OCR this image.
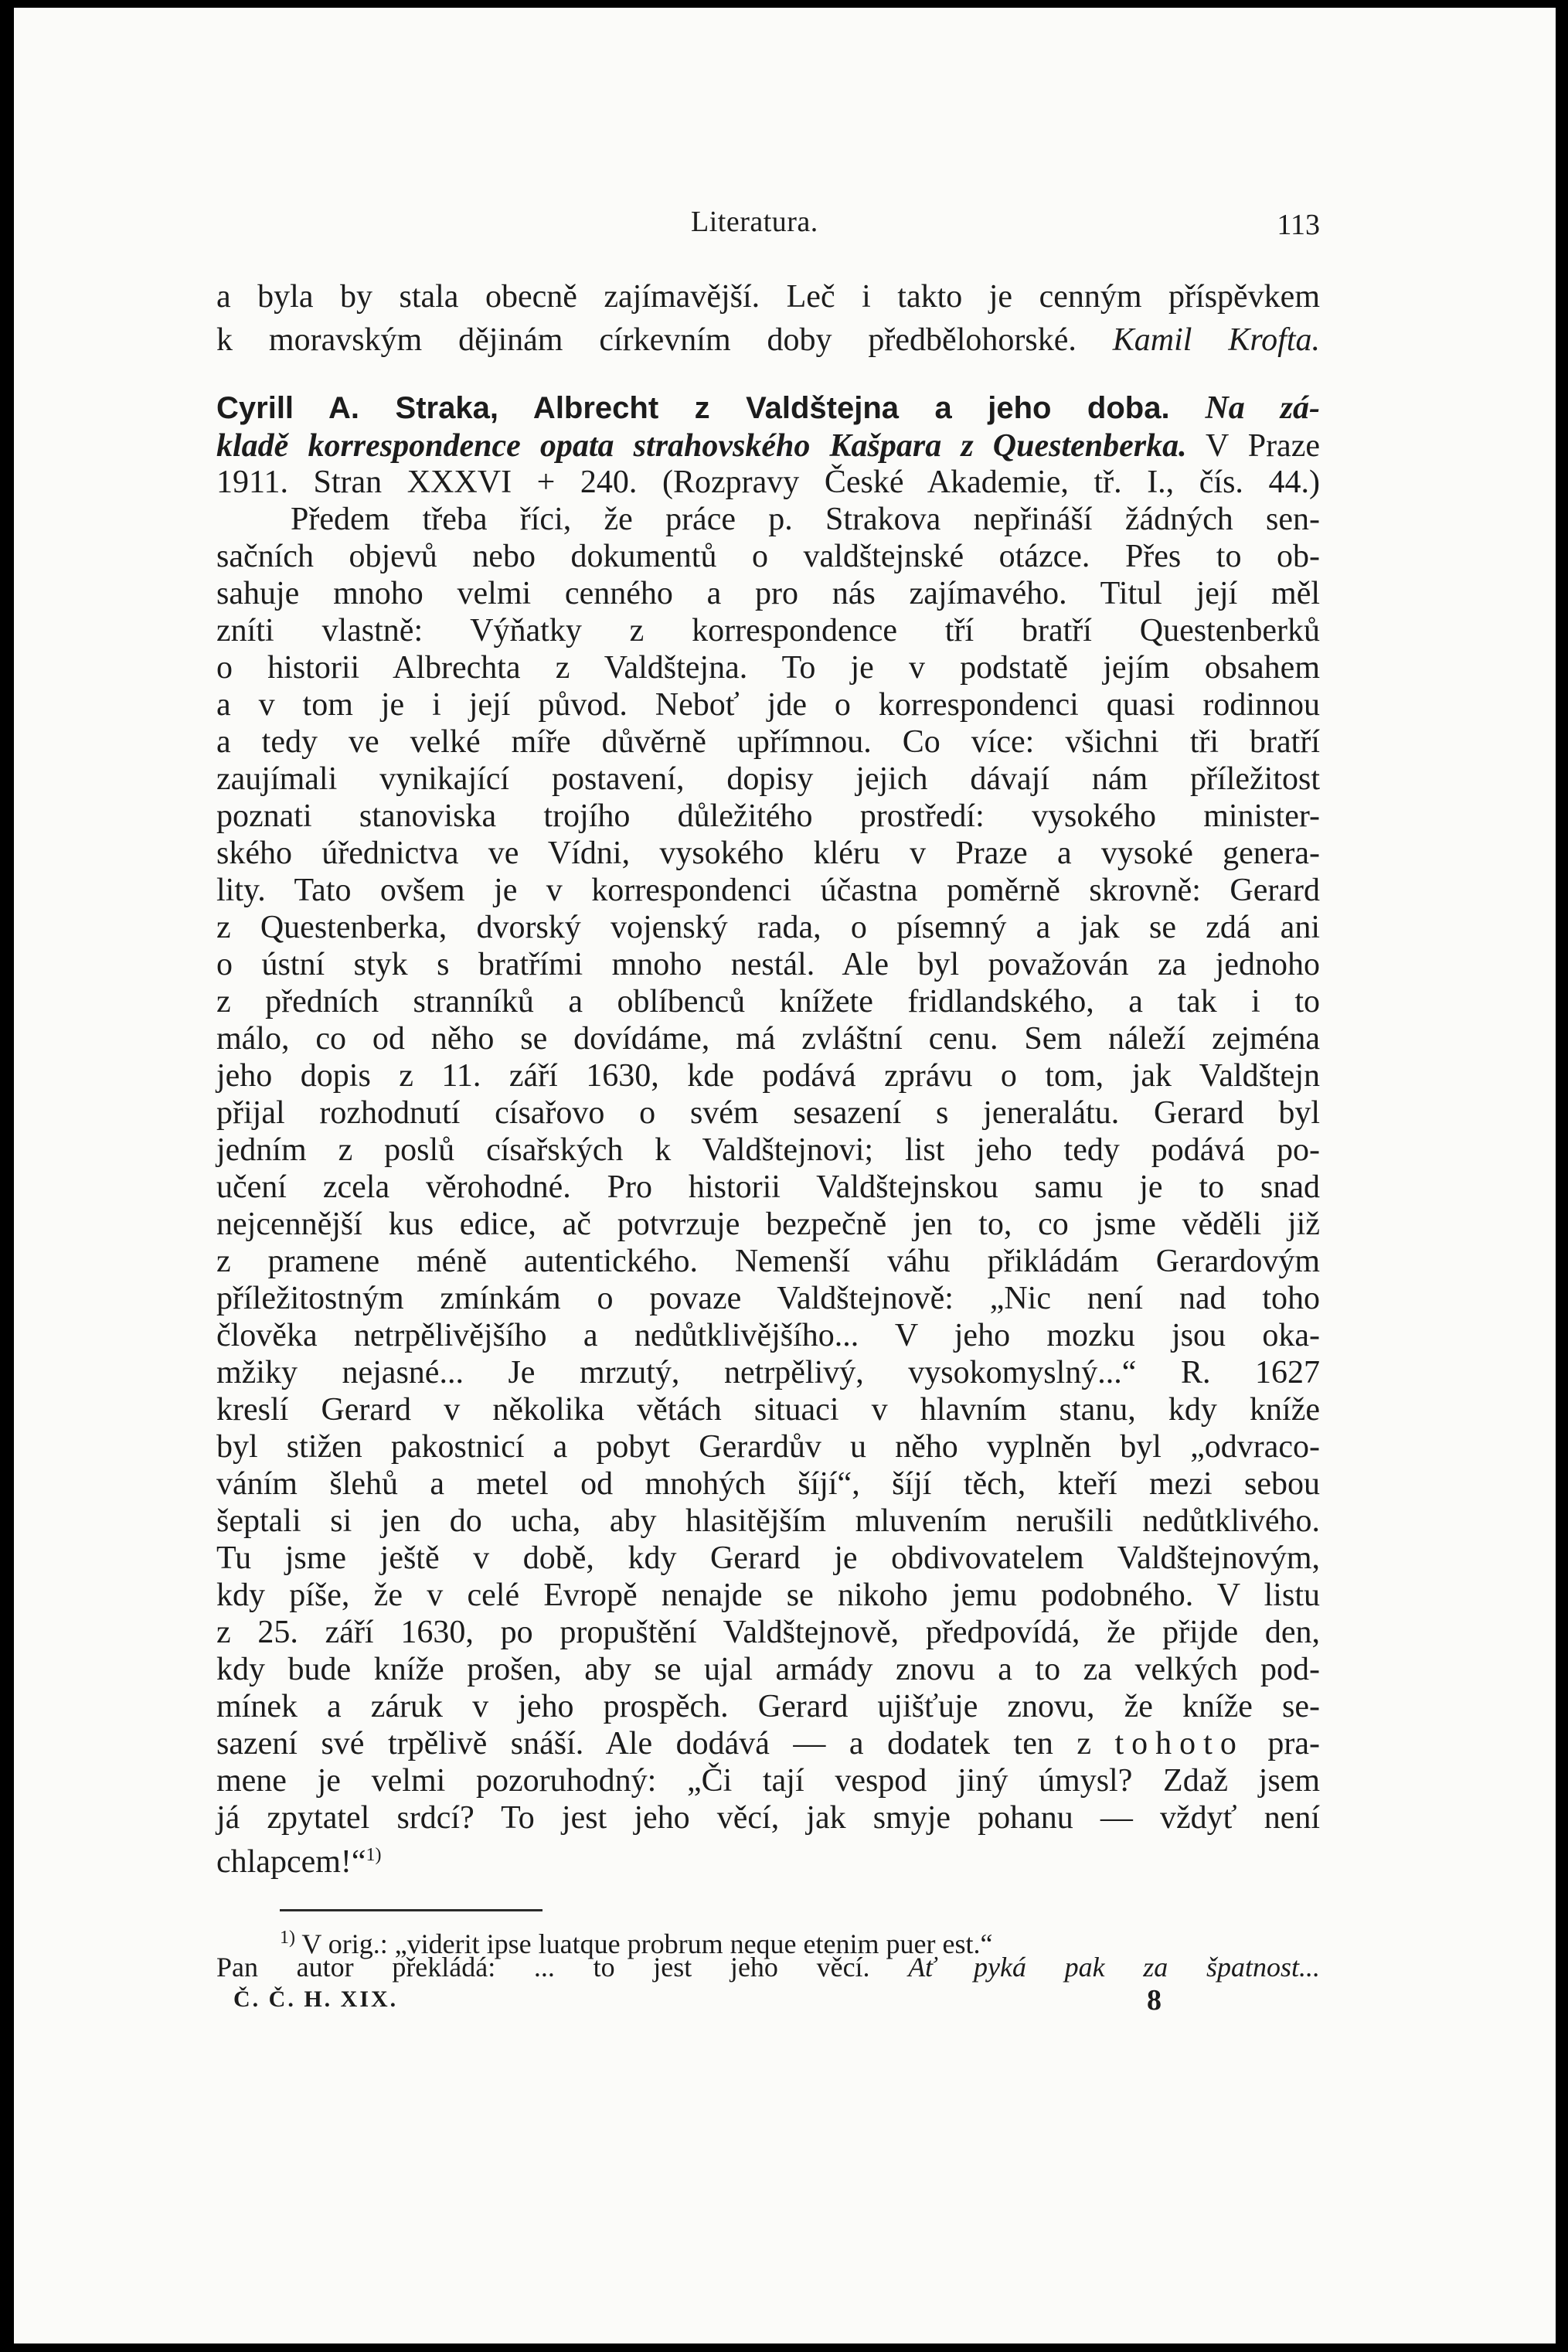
Literatura.	113
a byla by stala obecně zajímavější. Leč i takto je cenným příspěvkem
k moravským dějinám církevním doby předbělohorské. Kamil Krofta.
Cyrill A. Straka, Albrecht z Valdštejna a jeho doba. Na zá-
kladě korrespondence opata strahovského Kašpara z Questenberka. V Praze
1911. Stran XXXVI + 240. (Rozpravy České Akademie, tř. I., čís. 44.)
Předem třeba říci, že práce p. Strakova nepřináší žádných sen-
sačních objevů nebo dokumentů o valdštejnské otázce. Přes to ob-
sahuje mnoho velmi cenného a pro nás zajímavého. Titul její měl
zníti vlastně: Výňatky z korrespondence tří bratří Questenberků
o historii Albrechta z Valdštejna. To je v podstatě jejím obsahem
a v tom je i její původ. Neboť jde o korrespondenci quasi rodinnou
a tedy ve velké míře důvěrně upřímnou. Co více: všichni tři bratří
zaujímali vynikající postavení, dopisy jejich dávají nám příležitost
poznati stanoviska trojího důležitého prostředí: vysokého minister-
ského úřednictva ve Vídni, vysokého kléru v Praze a vysoké genera-
lity. Tato ovšem je v korrespondenci účastna poměrně skrovně: Gerard
z Questenberka, dvorský vojenský rada, o písemný a jak se zdá ani
o ústní styk s bratřími mnoho nestál. Ale byl považován za jednoho
z předních stranníků a oblíbenců knížete fridlandského, a tak i to
málo, co od něho se dovídáme, má zvláštní cenu. Sem náleží zejména
jeho dopis z 11. září 1630, kde podává zprávu o tom, jak Valdštejn
přijal rozhodnutí císařovo o svém sesazení s jeneralátu. Gerard byl
jedním z poslů císařských k Valdštejnovi; list jeho tedy podává po-
učení zcela věrohodné. Pro historii Valdštejnskou samu je to snad
nejcennější kus edice, ač potvrzuje bezpečně jen to, co jsme věděli již
z pramene méně autentického. Nemenší váhu přikládám Gerardovým
příležitostným zmínkám o povaze Valdštejnově: „Nic není nad toho
člověka netrpělivějšího a nedůtklivějšího... V jeho mozku jsou oka-
mžiky nejasné... Je mrzutý, netrpělivý, vysokomyslný...“ R. 1627
kreslí Gerard v několika větách situaci v hlavním stanu, kdy kníže
byl stižen pakostnicí a pobyt Gerardův u něho vyplněn byl „odvraco-
váním šlehů a metel od mnohých šíjí“, šíjí těch, kteří mezi sebou
šeptali si jen do ucha, aby hlasitějším mluvením nerušili nedůtklivého.
Tu jsme ještě v době, kdy Gerard je obdivovatelem Valdštejnovým,
kdy píše, že v celé Evropě nenajde se nikoho jemu podobného. V listu
z 25. září 1630, po propuštění Valdštejnově, předpovídá, že přijde den,
kdy bude kníže prošen, aby se ujal armády znovu a to za velkých pod-
mínek a záruk v jeho prospěch. Gerard ujišťuje znovu, že kníže se-
sazení své trpělivě snáší. Ale dodává — a dodatek ten z tohoto pra-
mene je velmi pozoruhodný: „Či tají vespod jiný úmysl? Zdaž jsem
já zpytatel srdcí? To jest jeho věcí, jak smyje pohanu — vždyť není
chlapcem!“$^{1)}$
$^{1)}$ V orig.: „viderit ipse luatque probrum neque etenim puer est.“
Pan autor překládá: ... to jest jeho věcí. Ať pyká pak za špatnost...
Č. Č. H. XIX.	8
